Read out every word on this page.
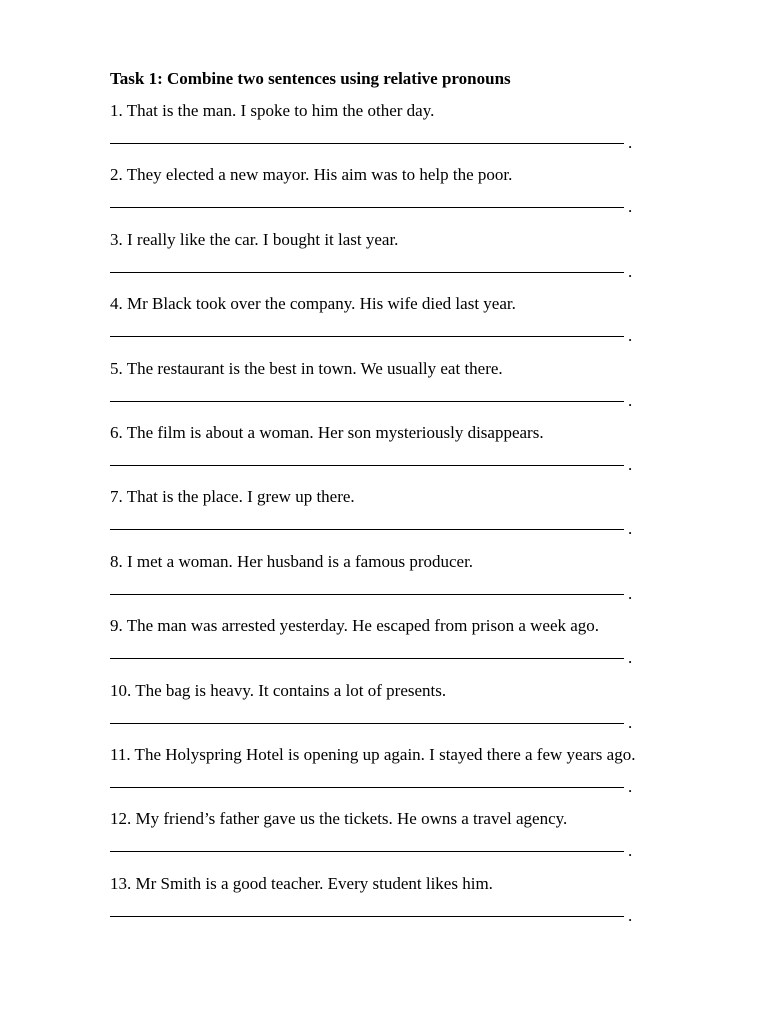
Task 1: Combine two sentences using relative pronouns
1. That is the man. I spoke to him the other day.
.
2. They elected a new mayor. His aim was to help the poor.
.
3. I really like the car. I bought it last year.
.
4. Mr Black took over the company. His wife died last year.
.
5. The restaurant is the best in town. We usually eat there.
.
6. The film is about a woman. Her son mysteriously disappears.
.
7. That is the place. I grew up there.
.
8. I met a woman. Her husband is a famous producer.
.
9. The man was arrested yesterday. He escaped from prison a week ago.
.
10. The bag is heavy. It contains a lot of presents.
.
11. The Holyspring Hotel is opening up again. I stayed there a few years ago.
.
12. My friend’s father gave us the tickets. He owns a travel agency.
.
13. Mr Smith is a good teacher. Every student likes him.
.
